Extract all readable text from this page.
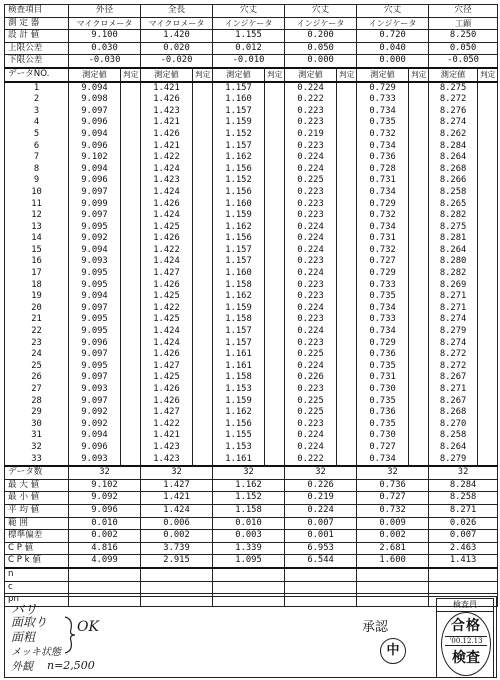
検査項目	外径		全長		穴丈		穴丈		穴丈		穴径	
測 定 器	マイクロメータ		マイクロメータ		インジケータ		インジケータ		インジケータ		工顕	
設 計 値	9.100		1.420		1.155		0.200		0.720		8.250	
上限公差	0.030		0.020		0.012		0.050		0.040		0.050	
下限公差	-0.030		-0.020		-0.010		0.000		0.000		-0.050	
データNO.	測定値	判定	測定値	判定	測定値	判定	測定値	判定	測定値	判定	測定値	判定
1	9.094		1.421		1.157		0.224		0.729		8.275	
2	9.098		1.426		1.160		0.222		0.733		8.272	
3	9.097		1.423		1.157		0.223		0.734		8.276	
4	9.096		1.421		1.159		0.223		0.735		8.274	
5	9.094		1.426		1.152		0.219		0.732		8.262	
6	9.096		1.421		1.157		0.223		0.734		8.284	
7	9.102		1.422		1.162		0.224		0.736		8.264	
8	9.094		1.424		1.156		0.224		0.728		8.268	
9	9.096		1.423		1.152		0.225		0.731		8.266	
10	9.097		1.424		1.156		0.223		0.734		8.258	
11	9.099		1.426		1.160		0.223		0.729		8.265	
12	9.097		1.424		1.159		0.223		0.732		8.282	
13	9.095		1.425		1.162		0.224		0.734		8.275	
14	9.092		1.426		1.156		0.224		0.731		8.281	
15	9.094		1.422		1.157		0.224		0.732		8.264	
16	9.093		1.424		1.157		0.223		0.727		8.280	
17	9.095		1.427		1.160		0.224		0.729		8.282	
18	9.095		1.426		1.158		0.223		0.733		8.269	
19	9.094		1.425		1.162		0.223		0.735		8.271	
20	9.097		1.422		1.159		0.224		0.734		8.271	
21	9.095		1.425		1.158		0.223		0.733		8.274	
22	9.095		1.424		1.157		0.224		0.734		8.279	
23	9.096		1.424		1.157		0.223		0.729		8.274	
24	9.097		1.426		1.161		0.225		0.736		8.272	
25	9.095		1.427		1.161		0.224		0.735		8.272	
26	9.097		1.425		1.158		0.226		0.731		8.267	
27	9.093		1.426		1.153		0.223		0.730		8.271	
28	9.097		1.426		1.159		0.225		0.735		8.267	
29	9.092		1.427		1.162		0.225		0.736		8.268	
30	9.092		1.422		1.156		0.223		0.735		8.270	
31	9.094		1.421		1.155		0.224		0.730		8.258	
32	9.096		1.423		1.153		0.224		0.727		8.264	
33	9.093		1.423		1.161		0.222		0.734		8.279	
データ数	32		32		32		32		32		32	
最 大 値	9.102		1.427		1.162		0.226		0.736		8.284	
最 小 値	9.092		1.421		1.152		0.219		0.727		8.258	
平 均 値	9.096		1.424		1.158		0.224		0.732		8.271	
範 囲	0.010		0.006		0.010		0.007		0.009		0.026	
標準偏差	0.002		0.002		0.003		0.001		0.002		0.007	
C P 値	4.816		3.739		1.339		6.953		2.681		2.463	
C P k 値	4.099		2.915		1.095		6.544		1.600		1.413	
n												
c												
pn												
バリ
面取り
面粗
メッキ状態
外観
OK
n=2,500
承認
中
検査員
合格
'00.12.13
検査
